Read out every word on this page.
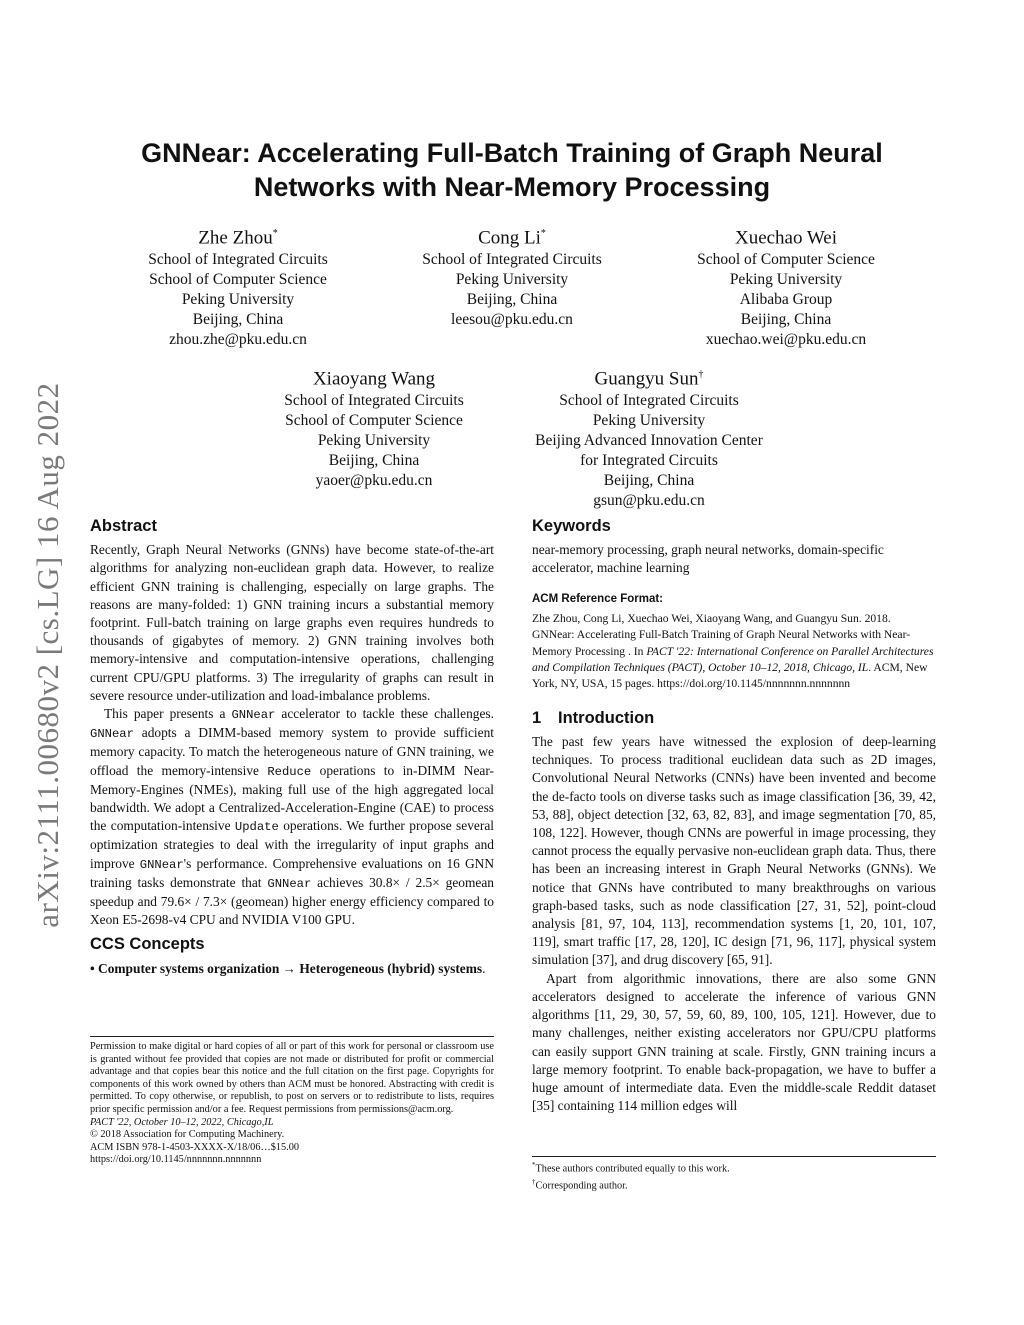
arXiv:2111.00680v2 [cs.LG] 16 Aug 2022
GNNear: Accelerating Full-Batch Training of Graph Neural
Networks with Near-Memory Processing
Zhe Zhou*
School of Integrated Circuits
School of Computer Science
Peking University
Beijing, China
zhou.zhe@pku.edu.cn
Cong Li*
School of Integrated Circuits
Peking University
Beijing, China
leesou@pku.edu.cn
Xuechao Wei
School of Computer Science
Peking University
Alibaba Group
Beijing, China
xuechao.wei@pku.edu.cn
Xiaoyang Wang
School of Integrated Circuits
School of Computer Science
Peking University
Beijing, China
yaoer@pku.edu.cn
Guangyu Sun†
School of Integrated Circuits
Peking University
Beijing Advanced Innovation Center
for Integrated Circuits
Beijing, China
gsun@pku.edu.cn
Abstract

Recently, Graph Neural Networks (GNNs) have become state-of-the-art algorithms for analyzing non-euclidean graph data. However, to realize efficient GNN training is challenging, especially on large graphs. The reasons are many-folded: 1) GNN training incurs a substantial memory footprint. Full-batch training on large graphs even requires hundreds to thousands of gigabytes of memory. 2) GNN training involves both memory-intensive and computation-intensive operations, challenging current CPU/GPU platforms. 3) The irregularity of graphs can result in severe resource under-utilization and load-imbalance problems.

This paper presents a GNNear accelerator to tackle these challenges. GNNear adopts a DIMM-based memory system to provide sufficient memory capacity. To match the heterogeneous nature of GNN training, we offload the memory-intensive Reduce operations to in-DIMM Near-Memory-Engines (NMEs), making full use of the high aggregated local bandwidth. We adopt a Centralized-Acceleration-Engine (CAE) to process the computation-intensive Update operations. We further propose several optimization strategies to deal with the irregularity of input graphs and improve GNNear's performance. Comprehensive evaluations on 16 GNN training tasks demonstrate that GNNear achieves 30.8× / 2.5× geomean speedup and 79.6× / 7.3× (geomean) higher energy efficiency compared to Xeon E5-2698-v4 CPU and NVIDIA V100 GPU.

CCS Concepts
• Computer systems organization → Heterogeneous (hybrid) systems.
Permission to make digital or hard copies of all or part of this work for personal or classroom use is granted without fee provided that copies are not made or distributed for profit or commercial advantage and that copies bear this notice and the full citation on the first page. Copyrights for components of this work owned by others than ACM must be honored. Abstracting with credit is permitted. To copy otherwise, or republish, to post on servers or to redistribute to lists, requires prior specific permission and/or a fee. Request permissions from permissions@acm.org.
PACT '22, October 10–12, 2022, Chicago,IL
© 2018 Association for Computing Machinery.
ACM ISBN 978-1-4503-XXXX-X/18/06…$15.00
https://doi.org/10.1145/nnnnnnn.nnnnnnn
Keywords

near-memory processing, graph neural networks, domain-specific accelerator, machine learning

ACM Reference Format:
Zhe Zhou, Cong Li, Xuechao Wei, Xiaoyang Wang, and Guangyu Sun. 2018. GNNear: Accelerating Full-Batch Training of Graph Neural Networks with Near-Memory Processing . In PACT '22: International Conference on Parallel Architectures and Compilation Techniques (PACT), October 10–12, 2018, Chicago, IL. ACM, New York, NY, USA, 15 pages. https://doi.org/10.1145/nnnnnnn.nnnnnnn
1 Introduction

The past few years have witnessed the explosion of deep-learning techniques. To process traditional euclidean data such as 2D images, Convolutional Neural Networks (CNNs) have been invented and become the de-facto tools on diverse tasks such as image classification [36, 39, 42, 53, 88], object detection [32, 63, 82, 83], and image segmentation [70, 85, 108, 122]. However, though CNNs are powerful in image processing, they cannot process the equally pervasive non-euclidean graph data. Thus, there has been an increasing interest in Graph Neural Networks (GNNs). We notice that GNNs have contributed to many breakthroughs on various graph-based tasks, such as node classification [27, 31, 52], point-cloud analysis [81, 97, 104, 113], recommendation systems [1, 20, 101, 107, 119], smart traffic [17, 28, 120], IC design [71, 96, 117], physical system simulation [37], and drug discovery [65, 91].

Apart from algorithmic innovations, there are also some GNN accelerators designed to accelerate the inference of various GNN algorithms [11, 29, 30, 57, 59, 60, 89, 100, 105, 121]. However, due to many challenges, neither existing accelerators nor GPU/CPU platforms can easily support GNN training at scale. Firstly, GNN training incurs a large memory footprint. To enable back-propagation, we have to buffer a huge amount of intermediate data. Even the middle-scale Reddit dataset [35] containing 114 million edges will

*These authors contributed equally to this work.
†Corresponding author.
